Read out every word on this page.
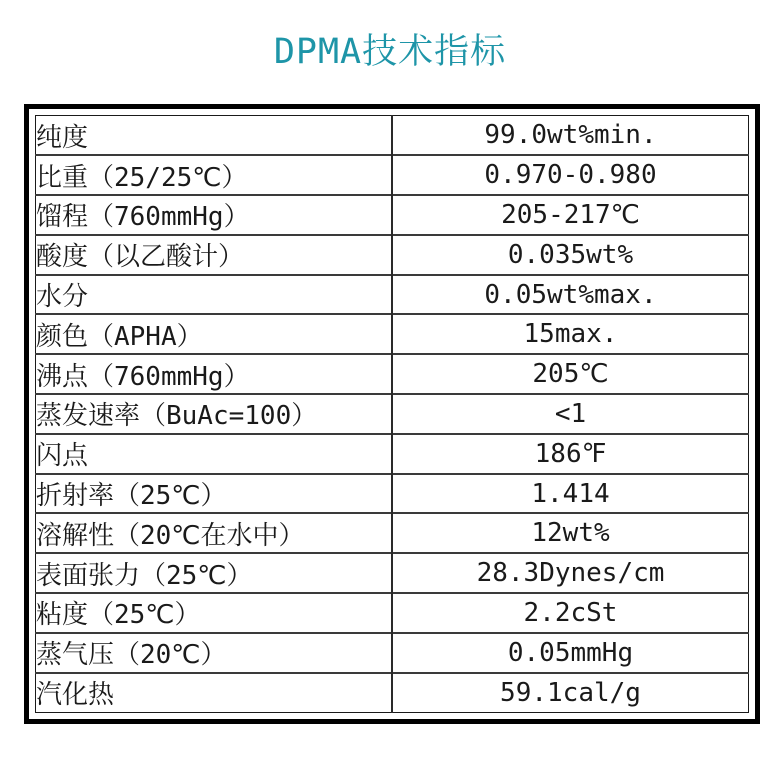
DPMA技术指标
纯度	99.0wt%min.
比重（25/25℃）	0.970-0.980
馏程（760mmHg）	205-217℃
酸度（以乙酸计）	0.035wt%
水分	0.05wt%max.
颜色（APHA）	15max.
沸点（760mmHg）	205℃
蒸发速率（BuAc=100）	<1
闪点	186℉
折射率（25℃）	1.414
溶解性（20℃在水中）	12wt%
表面张力（25℃）	28.3Dynes/cm
粘度（25℃）	2.2cSt
蒸气压（20℃）	0.05mmHg
汽化热	59.1cal/g
